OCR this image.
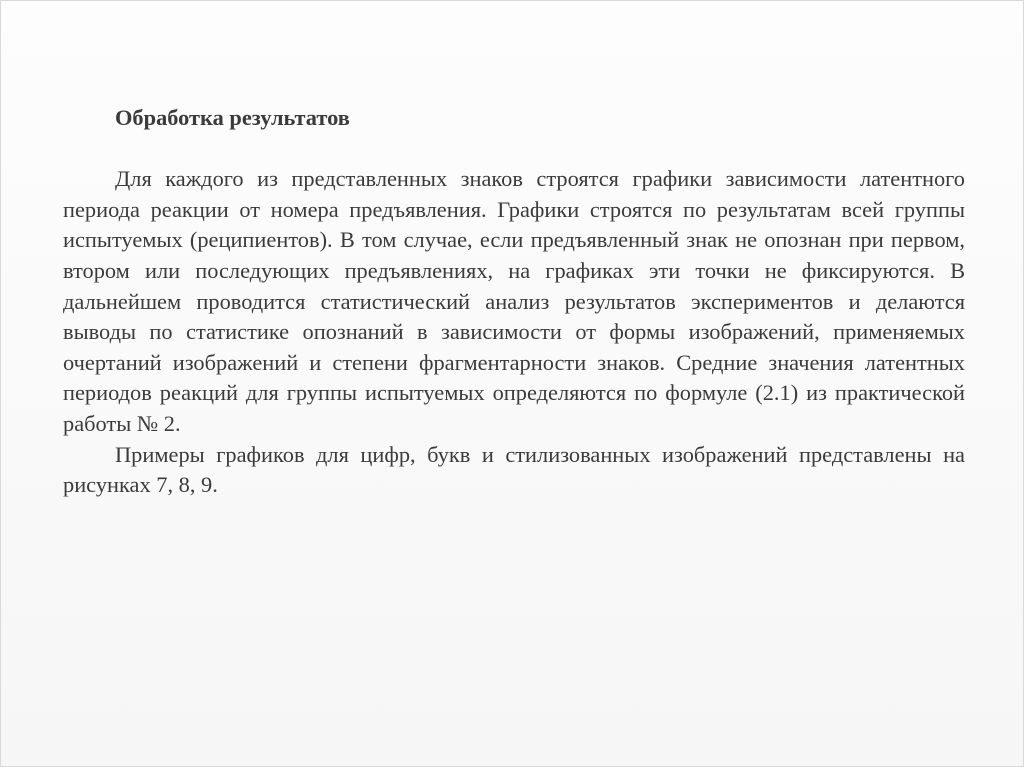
Обработка результатов

Для каждого из представленных знаков строятся графики зависимости латентного периода реакции от номера предъявления. Графики строятся по результатам всей группы испытуемых (реципиентов). В том случае, если предъявленный знак не опознан при первом, втором или последующих предъявлениях, на графиках эти точки не фиксируются. В дальнейшем проводится статистический анализ результатов экспериментов и делаются выводы по статистике опознаний в зависимости от формы изображений, применяемых очертаний изображений и степени фрагментарности знаков. Средние значения латентных периодов реакций для группы испытуемых определяются по формуле (2.1) из практической работы № 2.

Примеры графиков для цифр, букв и стилизованных изображений представлены на рисунках 7, 8, 9.
